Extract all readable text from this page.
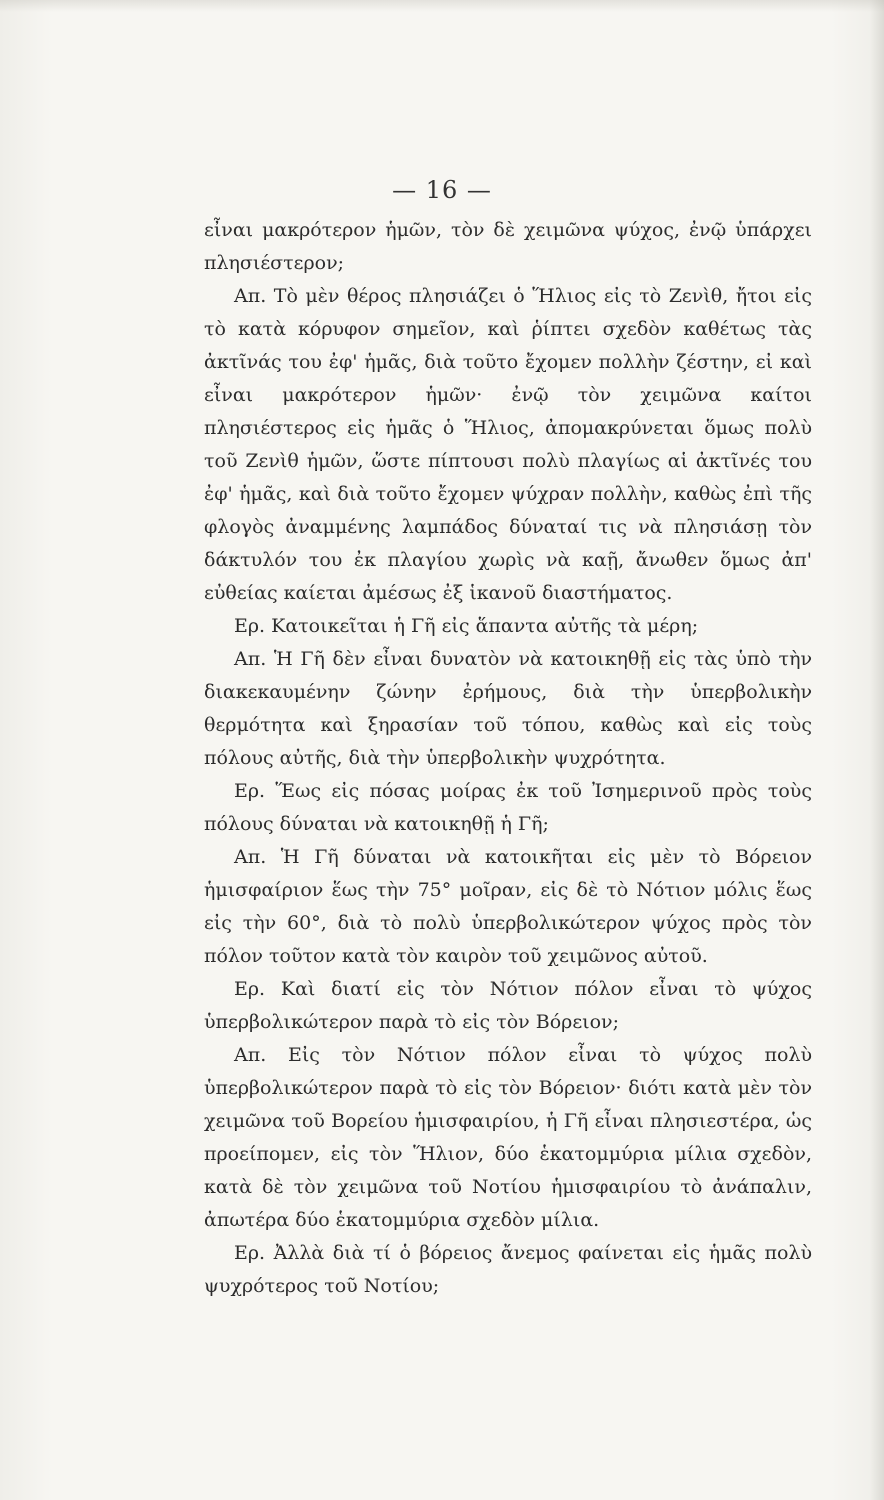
— 16 —

εἶναι μακρότερον ἡμῶν, τὸν δὲ χειμῶνα ψύχος, ἐνῷ ὑπάρχει πλησιέστερον;

Απ. Τὸ μὲν θέρος πλησιάζει ὁ Ἥλιος εἰς τὸ Ζενὶθ, ἤτοι εἰς τὸ κατὰ κόρυφον σημεῖον, καὶ ῥίπτει σχεδὸν καθέτως τὰς ἀκτῖνάς του ἐφ' ἡμᾶς, διὰ τοῦτο ἔχομεν πολλὴν ζέστην, εἰ καὶ εἶναι μακρότερον ἡμῶν· ἐνῷ τὸν χειμῶνα καίτοι πλησιέστερος εἰς ἡμᾶς ὁ Ἥλιος, ἀπομακρύνεται ὅμως πολὺ τοῦ Ζενὶθ ἡμῶν, ὥστε πίπτουσι πολὺ πλαγίως αἱ ἀκτῖνές του ἐφ' ἡμᾶς, καὶ διὰ τοῦτο ἔχομεν ψύχραν πολλὴν, καθὼς ἐπὶ τῆς φλογὸς ἀναμμένης λαμπάδος δύναταί τις νὰ πλησιάσῃ τὸν δάκτυλόν του ἐκ πλαγίου χωρὶς νὰ καῇ, ἄνωθεν ὅμως ἀπ' εὐθείας καίεται ἀμέσως ἐξ ἱκανοῦ διαστήματος.

Ερ. Κατοικεῖται ἡ Γῆ εἰς ἅπαντα αὐτῆς τὰ μέρη;

Απ. Ἡ Γῆ δὲν εἶναι δυνατὸν νὰ κατοικηθῇ εἰς τὰς ὑπὸ τὴν διακεκαυμένην ζώνην ἐρήμους, διὰ τὴν ὑπερβολικὴν θερμότητα καὶ ξηρασίαν τοῦ τόπου, καθὼς καὶ εἰς τοὺς πόλους αὐτῆς, διὰ τὴν ὑπερβολικὴν ψυχρότητα.

Ερ. Ἕως εἰς πόσας μοίρας ἐκ τοῦ Ἰσημερινοῦ πρὸς τοὺς πόλους δύναται νὰ κατοικηθῇ ἡ Γῆ;

Απ. Ἡ Γῆ δύναται νὰ κατοικῆται εἰς μὲν τὸ Βόρειον ἡμισφαίριον ἕως τὴν 75° μοῖραν, εἰς δὲ τὸ Νότιον μόλις ἕως εἰς τὴν 60°, διὰ τὸ πολὺ ὑπερβολικώτερον ψύχος πρὸς τὸν πόλον τοῦτον κατὰ τὸν καιρὸν τοῦ χειμῶνος αὐτοῦ.

Ερ. Καὶ διατί εἰς τὸν Νότιον πόλον εἶναι τὸ ψύχος ὑπερβολικώτερον παρὰ τὸ εἰς τὸν Βόρειον;

Απ. Εἰς τὸν Νότιον πόλον εἶναι τὸ ψύχος πολὺ ὑπερβολικώτερον παρὰ τὸ εἰς τὸν Βόρειον· διότι κατὰ μὲν τὸν χειμῶνα τοῦ Βορείου ἡμισφαιρίου, ἡ Γῆ εἶναι πλησιεστέρα, ὡς προείπομεν, εἰς τὸν Ἥλιον, δύο ἑκατομμύρια μίλια σχεδὸν, κατὰ δὲ τὸν χειμῶνα τοῦ Νοτίου ἡμισφαιρίου τὸ ἀνάπαλιν, ἀπωτέρα δύο ἑκατομμύρια σχεδὸν μίλια.

Ερ. Ἀλλὰ διὰ τί ὁ βόρειος ἄνεμος φαίνεται εἰς ἡμᾶς πολὺ ψυχρότερος τοῦ Νοτίου;
